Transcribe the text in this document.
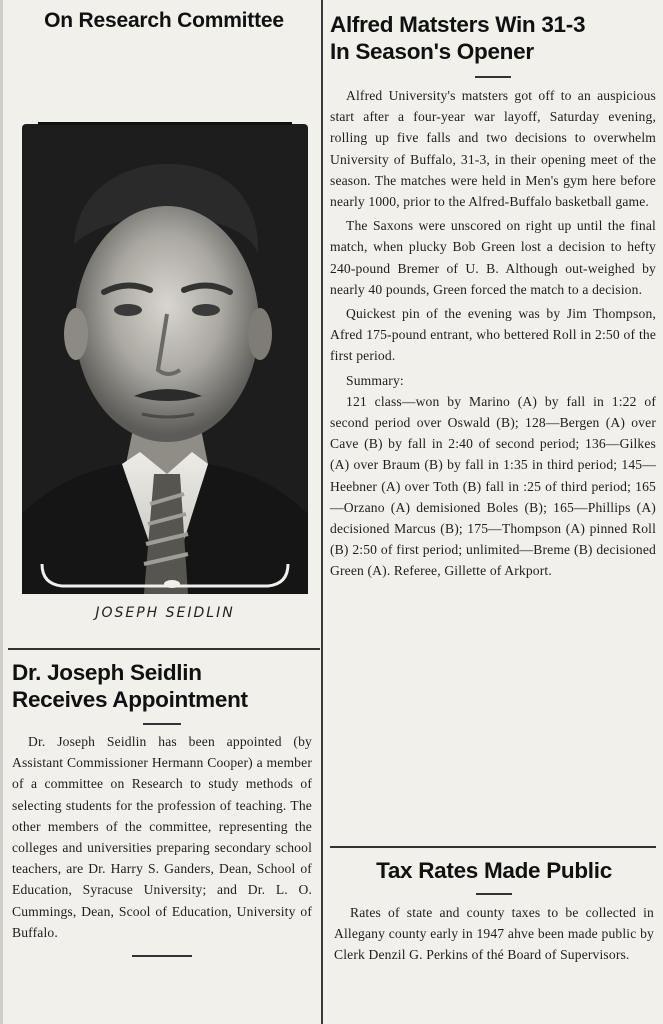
On Research Committee
JOSEPH SEIDLIN
Dr. Joseph Seidlin
Receives Appointment

Dr. Joseph Seidlin has been appointed (by Assistant Commissioner Hermann Cooper) a member of a committee on Research to study methods of selecting students for the profession of teaching. The other members of the committee, representing the colleges and universities preparing secondary school teachers, are Dr. Harry S. Ganders, Dean, School of Education, Syracuse University; and Dr. L. O. Cummings, Dean, Scool of Education, University of Buffalo.

Alfred Matsters Win 31-3
In Season's Opener

Alfred University's matsters got off to an auspicious start after a four-year war layoff, Saturday evening, rolling up five falls and two decisions to overwhelm University of Buffalo, 31-3, in their opening meet of the season. The matches were held in Men's gym here before nearly 1000, prior to the Alfred-Buffalo basketball game.

The Saxons were unscored on right up until the final match, when plucky Bob Green lost a decision to hefty 240-pound Bremer of U. B. Although out-weighed by nearly 40 pounds, Green forced the match to a decision.

Quickest pin of the evening was by Jim Thompson, Afred 175-pound entrant, who bettered Roll in 2:50 of the first period.

Summary:

121 class—won by Marino (A) by fall in 1:22 of second period over Oswald (B); 128—Bergen (A) over Cave (B) by fall in 2:40 of second period; 136—Gilkes (A) over Braum (B) by fall in 1:35 in third period; 145—Heebner (A) over Toth (B) fall in :25 of third period; 165—Orzano (A) demisioned Boles (B); 165—Phillips (A) decisioned Marcus (B); 175—Thompson (A) pinned Roll (B) 2:50 of first period; unlimited—Breme (B) decisioned Green (A). Referee, Gillette of Arkport.

Tax Rates Made Public

Rates of state and county taxes to be collected in Allegany county early in 1947 ahve been made public by Clerk Denzil G. Perkins of thé Board of Supervisors.
